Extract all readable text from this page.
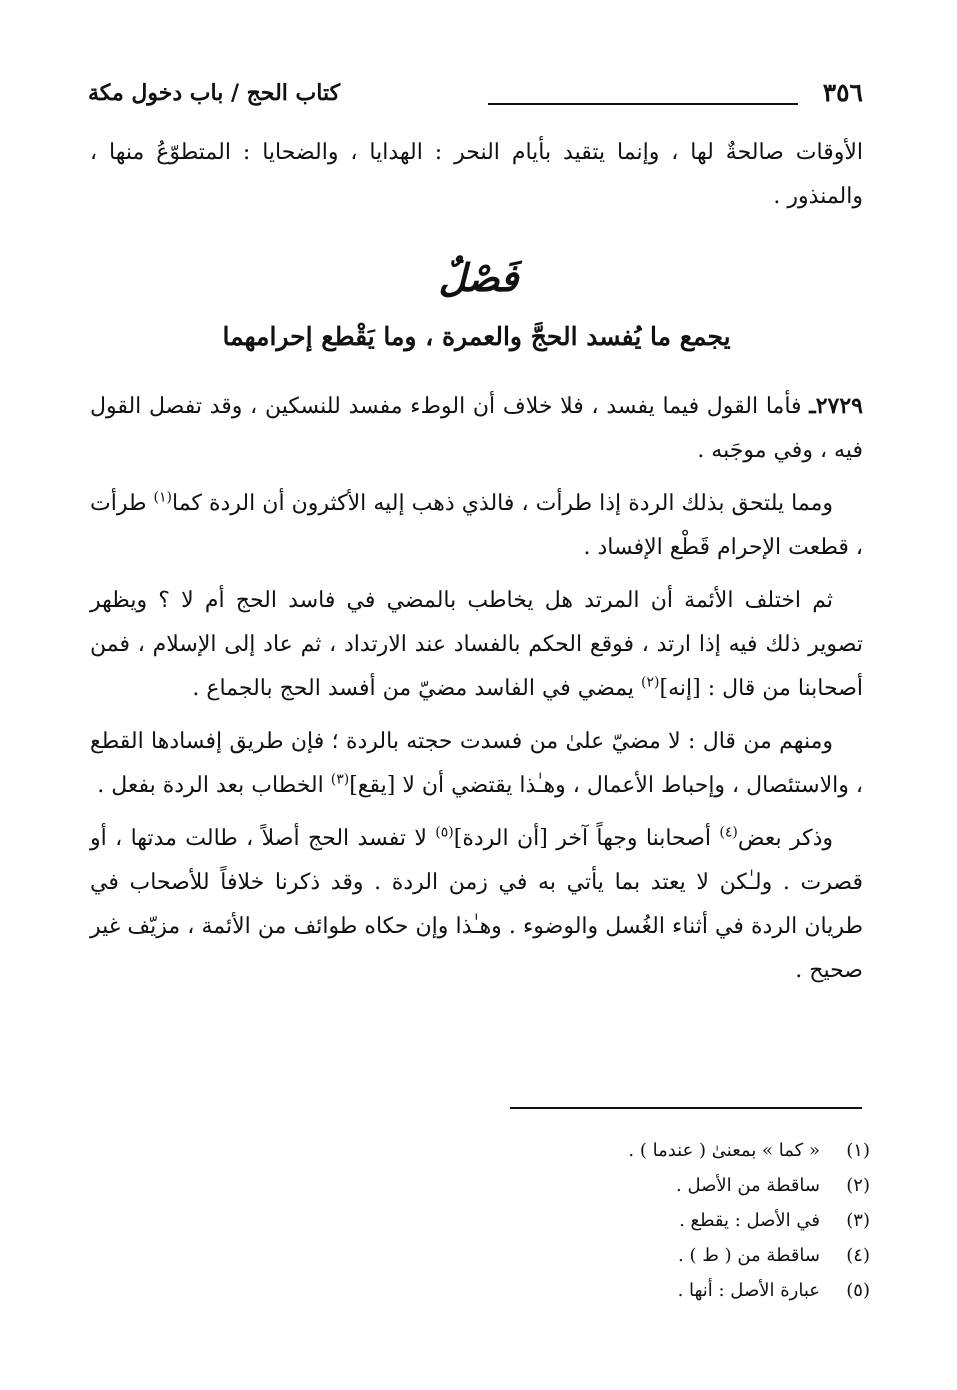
٣٥٦
كتاب الحج / باب دخول مكة

الأوقات صالحةٌ لها ، وإنما يتقيد بأيام النحر : الهدايا ، والضحايا : المتطوّعُ منها ، والمنذور .

فَصْلٌ
يجمع ما يُفسد الحجَّ والعمرة ، وما يَقْطع إحرامهما

٢٧٢٩ـ فأما القول فيما يفسد ، فلا خلاف أن الوطء مفسد للنسكين ، وقد تفصل القول فيه ، وفي موجَبه .

ومما يلتحق بذلك الردة إذا طرأت ، فالذي ذهب إليه الأكثرون أن الردة كما$^{(١)}$ طرأت ، قطعت الإحرام قَطْع الإفساد .

ثم اختلف الأئمة أن المرتد هل يخاطب بالمضي في فاسد الحج أم لا ؟ ويظهر تصوير ذلك فيه إذا ارتد ، فوقع الحكم بالفساد عند الارتداد ، ثم عاد إلى الإسلام ، فمن أصحابنا من قال : [إنه]$^{(٢)}$ يمضي في الفاسد مضيّ من أفسد الحج بالجماع .

ومنهم من قال : لا مضيّ علىٰ من فسدت حجته بالردة ؛ فإن طريق إفسادها القطع ، والاستئصال ، وإحباط الأعمال ، وهـٰذا يقتضي أن لا [يقع]$^{(٣)}$ الخطاب بعد الردة بفعل .

وذكر بعض$^{(٤)}$ أصحابنا وجهاً آخر [أن الردة]$^{(٥)}$ لا تفسد الحج أصلاً ، طالت مدتها ، أو قصرت . ولـٰكن لا يعتد بما يأتي به في زمن الردة . وقد ذكرنا خلافاً للأصحاب في طريان الردة في أثناء الغُسل والوضوء . وهـٰذا وإن حكاه طوائف من الأئمة ، مزيّف غير صحيح .

(١)« كما » بمعنىٰ ( عندما ) .
(٢)ساقطة من الأصل .
(٣)في الأصل : يقطع .
(٤)ساقطة من ( ط ) .
(٥)عبارة الأصل : أنها .
